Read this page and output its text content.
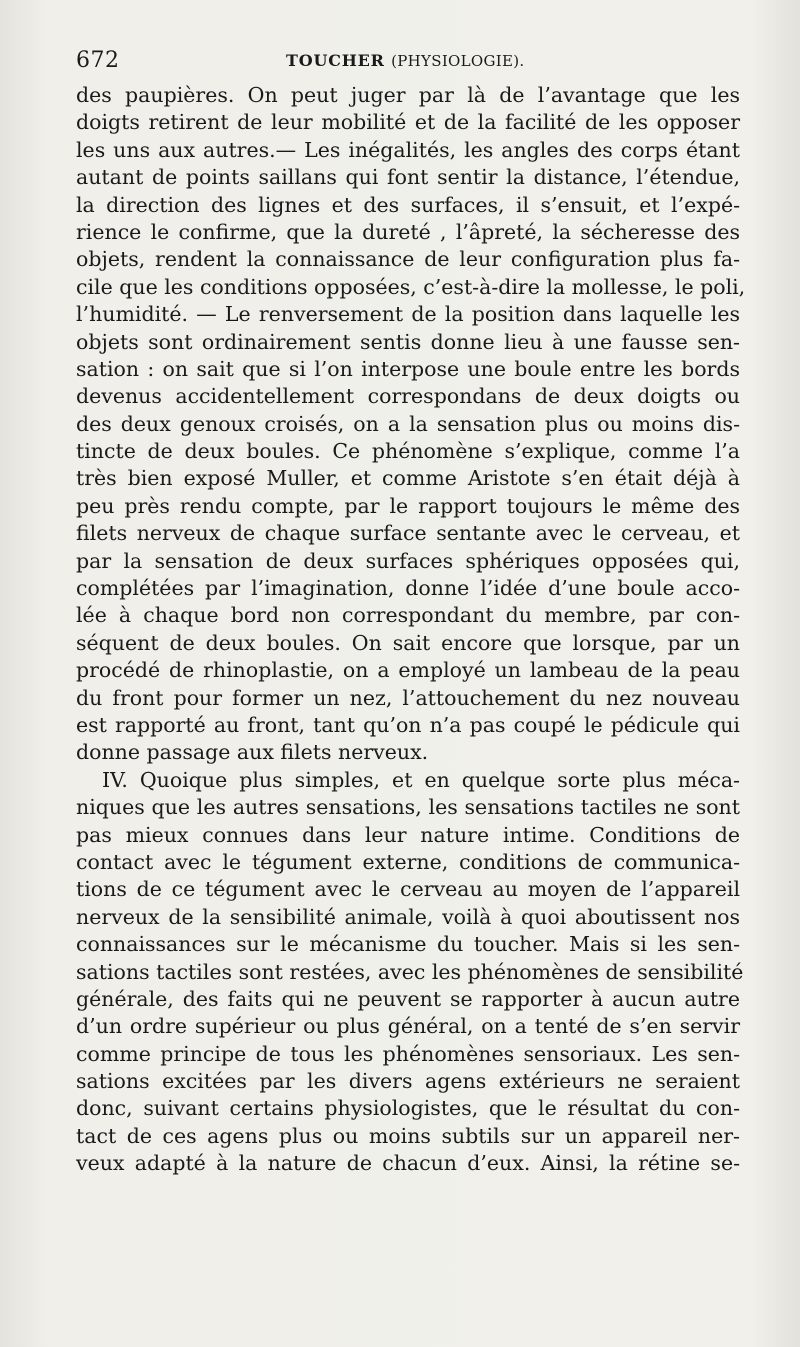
672	TOUCHER (PHYSIOLOGIE).
des paupières. On peut juger par là de l’avantage que les
doigts retirent de leur mobilité et de la facilité de les opposer
les uns aux autres.— Les inégalités, les angles des corps étant
autant de points saillans qui font sentir la distance, l’étendue,
la direction des lignes et des surfaces, il s’ensuit, et l’expé-
rience le confirme, que la dureté , l’âpreté, la sécheresse des
objets, rendent la connaissance de leur configuration plus fa-
cile que les conditions opposées, c’est-à-dire la mollesse, le poli,
l’humidité. — Le renversement de la position dans laquelle les
objets sont ordinairement sentis donne lieu à une fausse sen-
sation : on sait que si l’on interpose une boule entre les bords
devenus accidentellement correspondans de deux doigts ou
des deux genoux croisés, on a la sensation plus ou moins dis-
tincte de deux boules. Ce phénomène s’explique, comme l’a
très bien exposé Muller, et comme Aristote s’en était déjà à
peu près rendu compte, par le rapport toujours le même des
filets nerveux de chaque surface sentante avec le cerveau, et
par la sensation de deux surfaces sphériques opposées qui,
complétées par l’imagination, donne l’idée d’une boule acco-
lée à chaque bord non correspondant du membre, par con-
séquent de deux boules. On sait encore que lorsque, par un
procédé de rhinoplastie, on a employé un lambeau de la peau
du front pour former un nez, l’attouchement du nez nouveau
est rapporté au front, tant qu’on n’a pas coupé le pédicule qui
donne passage aux filets nerveux.
IV. Quoique plus simples, et en quelque sorte plus méca-
niques que les autres sensations, les sensations tactiles ne sont
pas mieux connues dans leur nature intime. Conditions de
contact avec le tégument externe, conditions de communica-
tions de ce tégument avec le cerveau au moyen de l’appareil
nerveux de la sensibilité animale, voilà à quoi aboutissent nos
connaissances sur le mécanisme du toucher. Mais si les sen-
sations tactiles sont restées, avec les phénomènes de sensibilité
générale, des faits qui ne peuvent se rapporter à aucun autre
d’un ordre supérieur ou plus général, on a tenté de s’en servir
comme principe de tous les phénomènes sensoriaux. Les sen-
sations excitées par les divers agens extérieurs ne seraient
donc, suivant certains physiologistes, que le résultat du con-
tact de ces agens plus ou moins subtils sur un appareil ner-
veux adapté à la nature de chacun d’eux. Ainsi, la rétine se-
